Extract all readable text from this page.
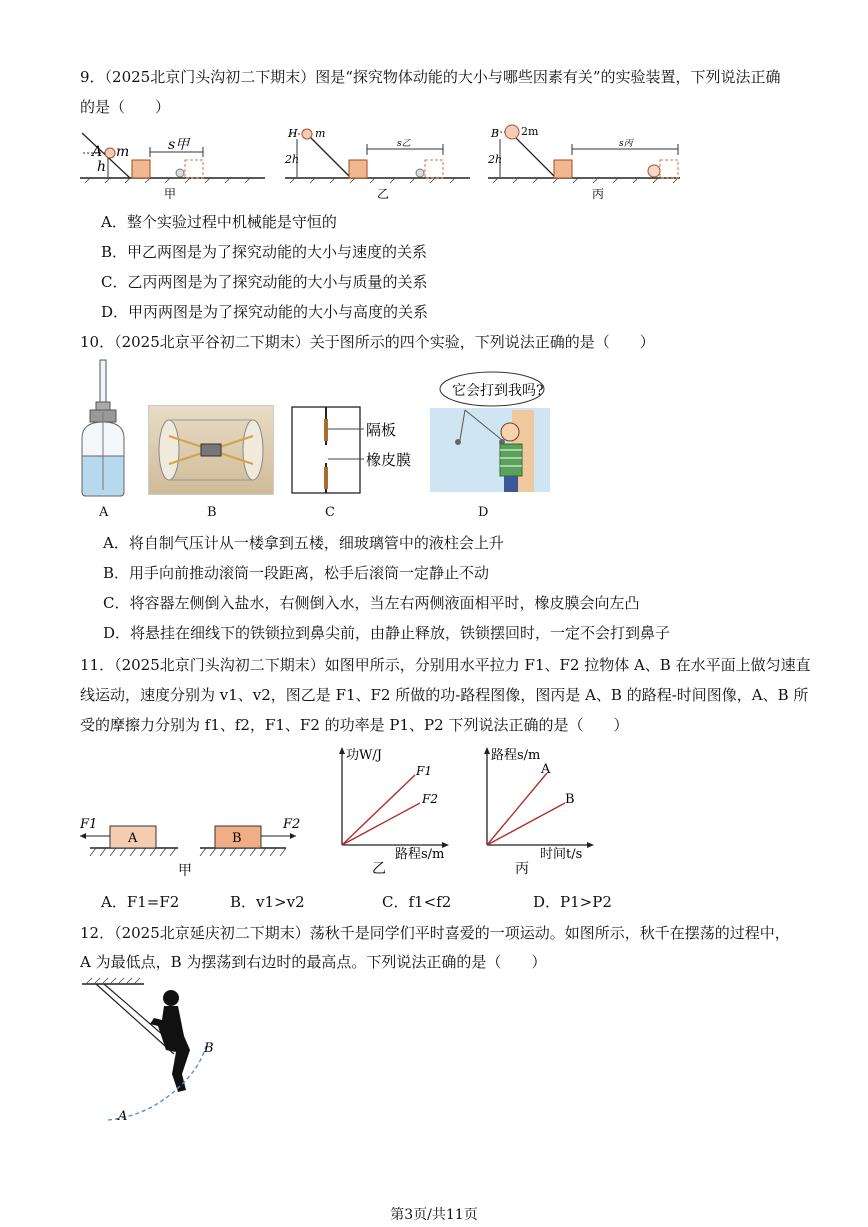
9．（2025北京门头沟初二下期末）图是“探究物体动能的大小与哪些因素有关”的实验装置，下列说法正确
的是（　　）
A m
h
s甲
甲
H m
2h
s乙
乙
B 2m
2h
s丙
丙
A．整个实验过程中机械能是守恒的
B．甲乙两图是为了探究动能的大小与速度的关系
C．乙丙两图是为了探究动能的大小与质量的关系
D．甲丙两图是为了探究动能的大小与高度的关系
10．（2025北京平谷初二下期末）关于图所示的四个实验，下列说法正确的是（　　）
A	B
隔板
橡皮膜
C
它会打到我吗?
D
A．将自制气压计从一楼拿到五楼，细玻璃管中的液柱会上升
B．用手向前推动滚筒一段距离，松手后滚筒一定静止不动
C．将容器左侧倒入盐水，右侧倒入水，当左右两侧液面相平时，橡皮膜会向左凸
D．将悬挂在细线下的铁锁拉到鼻尖前，由静止释放，铁锁摆回时，一定不会打到鼻子
11．（2025北京门头沟初二下期末）如图甲所示，分别用水平拉力 F1、F2 拉物体 A、B 在水平面上做匀速直
线运动，速度分别为 v1、v2，图乙是 F1、F2 所做的功-路程图像，图丙是 A、B 的路程-时间图像，A、B 所
受的摩擦力分别为 f1、f2，F1、F2 的功率是 P1、P2 下列说法正确的是（　　）
A
F1
B
F2
甲
功W/J
路程s/m
F1
F2
乙
路程s/m
时间t/s
A
B
丙
A．F1=F2	B．v1>v2	C．f1<f2	D．P1>P2
12．（2025北京延庆初二下期末）荡秋千是同学们平时喜爱的一项运动。如图所示，秋千在摆荡的过程中，
A 为最低点，B 为摆荡到右边时的最高点。下列说法正确的是（　　）
A
B
第3页/共11页
